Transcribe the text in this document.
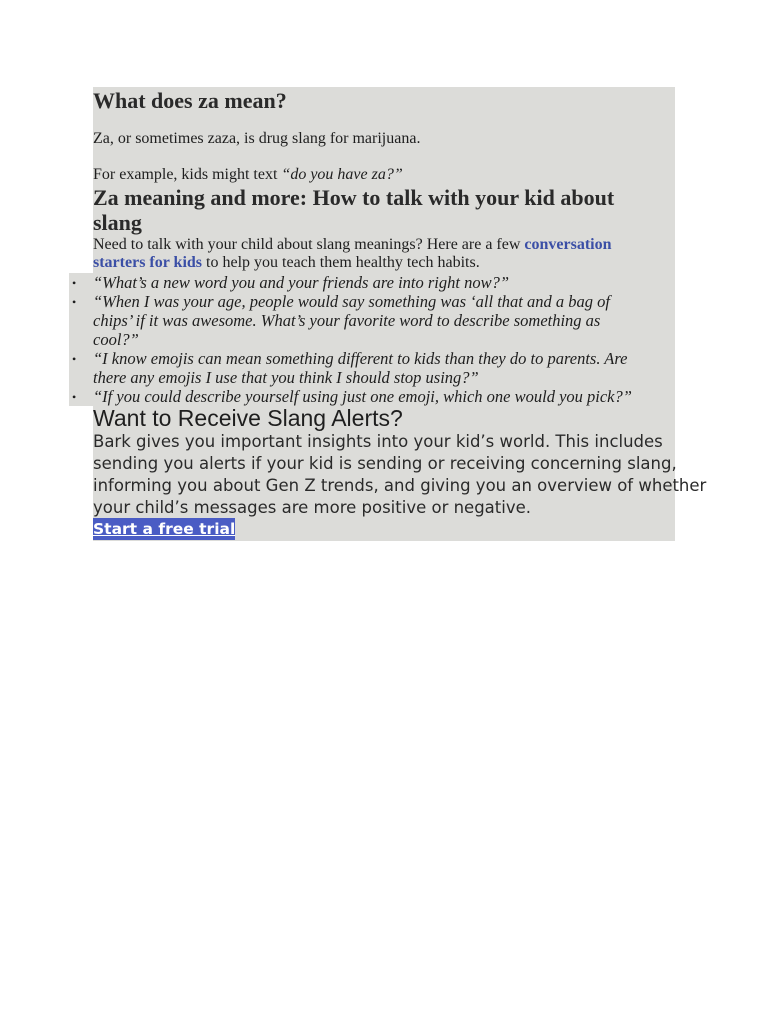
What does za mean?

Za, or sometimes zaza, is drug slang for marijuana.

For example, kids might text “do you have za?”

Za meaning and more: How to talk with your kid about
slang

Need to talk with your child about slang meanings? Here are a few conversation

starters for kids to help you teach them healthy tech habits.

• “What’s a new word you and your friends are into right now?”

• “When I was your age, people would say something was ‘all that and a bag of
chips’ if it was awesome. What’s your favorite word to describe something as
cool?”

• “I know emojis can mean something different to kids than they do to parents. Are
there any emojis I use that you think I should stop using?”

• “If you could describe yourself using just one emoji, which one would you pick?”

Want to Receive Slang Alerts?
Bark gives you important insights into your kid’s world. This includes
sending you alerts if your kid is sending or receiving concerning slang,
informing you about Gen Z trends, and giving you an overview of whether
your child’s messages are more positive or negative.
Start a free trial
